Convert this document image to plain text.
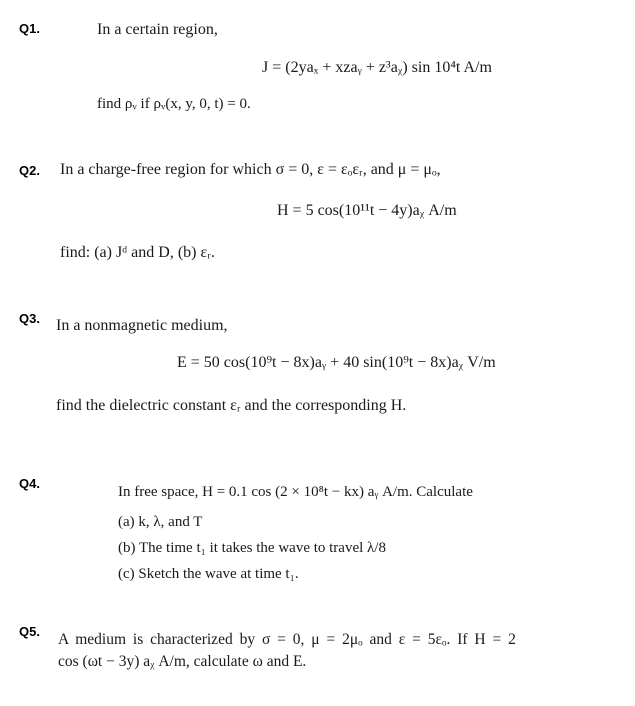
Q1.	In a certain region,
J = (2yaₓ + xzaᵧ + z³aᵪ) sin 10⁴t A/m
find ρᵥ if ρᵥ(x, y, 0, t) = 0.
Q2. In a charge-free region for which σ = 0, ε = εₒεᵣ, and μ = μₒ,
H = 5 cos(10¹¹t − 4y)aᵪ A/m
find: (a) Jᵈ and D, (b) εᵣ.
Q3. In a nonmagnetic medium,
E = 50 cos(10⁹t − 8x)aᵧ + 40 sin(10⁹t − 8x)aᵪ V/m
find the dielectric constant εᵣ and the corresponding H.
Q4.
In free space, H = 0.1 cos (2 × 10⁸t − kx) aᵧ A/m. Calculate
(a) k, λ, and T
(b) The time t₁ it takes the wave to travel λ/8
(c) Sketch the wave at time t₁.
Q5. A medium is characterized by σ = 0, μ = 2μₒ and ε = 5εₒ. If H = 2
cos (ωt − 3y) aᵪ A/m, calculate ω and E.
